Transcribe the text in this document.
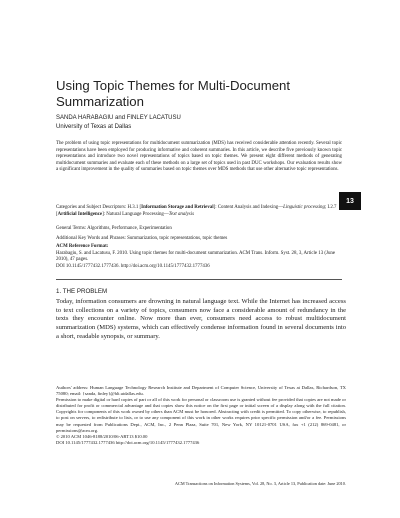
Using Topic Themes for Multi-Document Summarization
SANDA HARABAGIU and FINLEY LACATUSU
University of Texas at Dallas
The problem of using topic representations for multidocument summarization (MDS) has received considerable attention recently. Several topic representations have been employed for producing informative and coherent summaries. In this article, we describe five previously known topic representations and introduce two novel representations of topics based on topic themes. We present eight different methods of generating multidocument summaries and evaluate each of these methods on a large set of topics used in past DUC workshops. Our evaluation results show a significant improvement in the quality of summaries based on topic themes over MDS methods that use other alternative topic representations.
Categories and Subject Descriptors: H.3.1 [Information Storage and Retrieval]: Content Analysis and Indexing—Linguistic processing; I.2.7 [Artificial Intelligence]: Natural Language Processing—Text analysis
General Terms: Algorithms, Performance, Experimentation
Additional Key Words and Phrases: Summarization, topic representations, topic themes
ACM Reference Format:
Harabagiu, S. and Lacatusu, F. 2010. Using topic themes for multi-document summarization. ACM Trans. Inform. Syst. 28, 3, Article 13 (June 2010), 47 pages.
DOI 10.1145/1777432.1777436. http://doi.acm.org/10.1145/1777432.1777436
13
1. THE PROBLEM
Today, information consumers are drowning in natural language text. While the Internet has increased access to text collections on a variety of topics, consumers now face a considerable amount of redundancy in the texts they encounter online. Now more than ever, consumers need access to robust multidocument summarization (MDS) systems, which can effectively condense information found in several documents into a short, readable synopsis, or summary.
Authors' address: Human Language Technology Research Institute and Department of Computer Science, University of Texas at Dallas, Richardson, TX 75080; email: {sanda, finley}@hlt.utdallas.edu.
Permission to make digital or hard copies of part or all of this work for personal or classroom use is granted without fee provided that copies are not made or distributed for profit or commercial advantage and that copies show this notice on the first page or initial screen of a display along with the full citation. Copyrights for components of this work owned by others than ACM must be honored. Abstracting with credit is permitted. To copy otherwise, to republish, to post on servers, to redistribute to lists, or to use any component of this work in other works requires prior specific permission and/or a fee. Permissions may be requested from Publications Dept., ACM, Inc., 2 Penn Plaza, Suite 701, New York, NY 10121-0701 USA, fax +1 (212) 869-0481, or permissions@acm.org.
© 2010 ACM 1046-8188/2010/06-ART13 $10.00
DOI 10.1145/1777432.1777436 http://doi.acm.org/10.1145/1777432.1777436
ACM Transactions on Information Systems, Vol. 28, No. 3, Article 13, Publication date: June 2010.
